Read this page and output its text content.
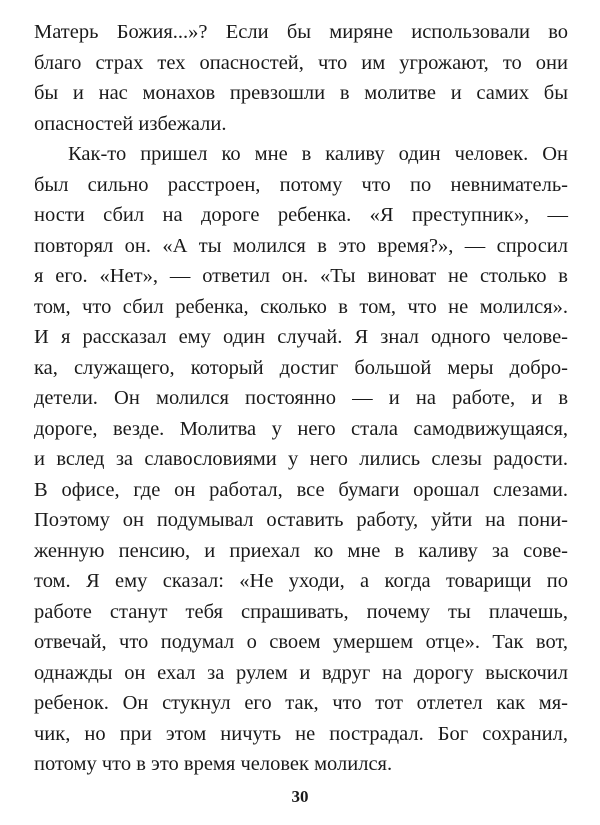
Матерь Божия...»? Если бы миряне использовали во
благо страх тех опасностей, что им угрожают, то они
бы и нас монахов превзошли в молитве и самих бы
опасностей избежали.
Как-то пришел ко мне в каливу один человек. Он
был сильно расстроен, потому что по невниматель-
ности сбил на дороге ребенка. «Я преступник», —
повторял он. «А ты молился в это время?», — спросил
я его. «Нет», — ответил он. «Ты виноват не столько в
том, что сбил ребенка, сколько в том, что не молился».
И я рассказал ему один случай. Я знал одного челове-
ка, служащего, который достиг большой меры добро-
детели. Он молился постоянно — и на работе, и в
дороге, везде. Молитва у него стала самодвижущаяся,
и вслед за славословиями у него лились слезы радости.
В офисе, где он работал, все бумаги орошал слезами.
Поэтому он подумывал оставить работу, уйти на пони-
женную пенсию, и приехал ко мне в каливу за сове-
том. Я ему сказал: «Не уходи, а когда товарищи по
работе станут тебя спрашивать, почему ты плачешь,
отвечай, что подумал о своем умершем отце». Так вот,
однажды он ехал за рулем и вдруг на дорогу выскочил
ребенок. Он стукнул его так, что тот отлетел как мя-
чик, но при этом ничуть не пострадал. Бог сохранил,
потому что в это время человек молился.
30
